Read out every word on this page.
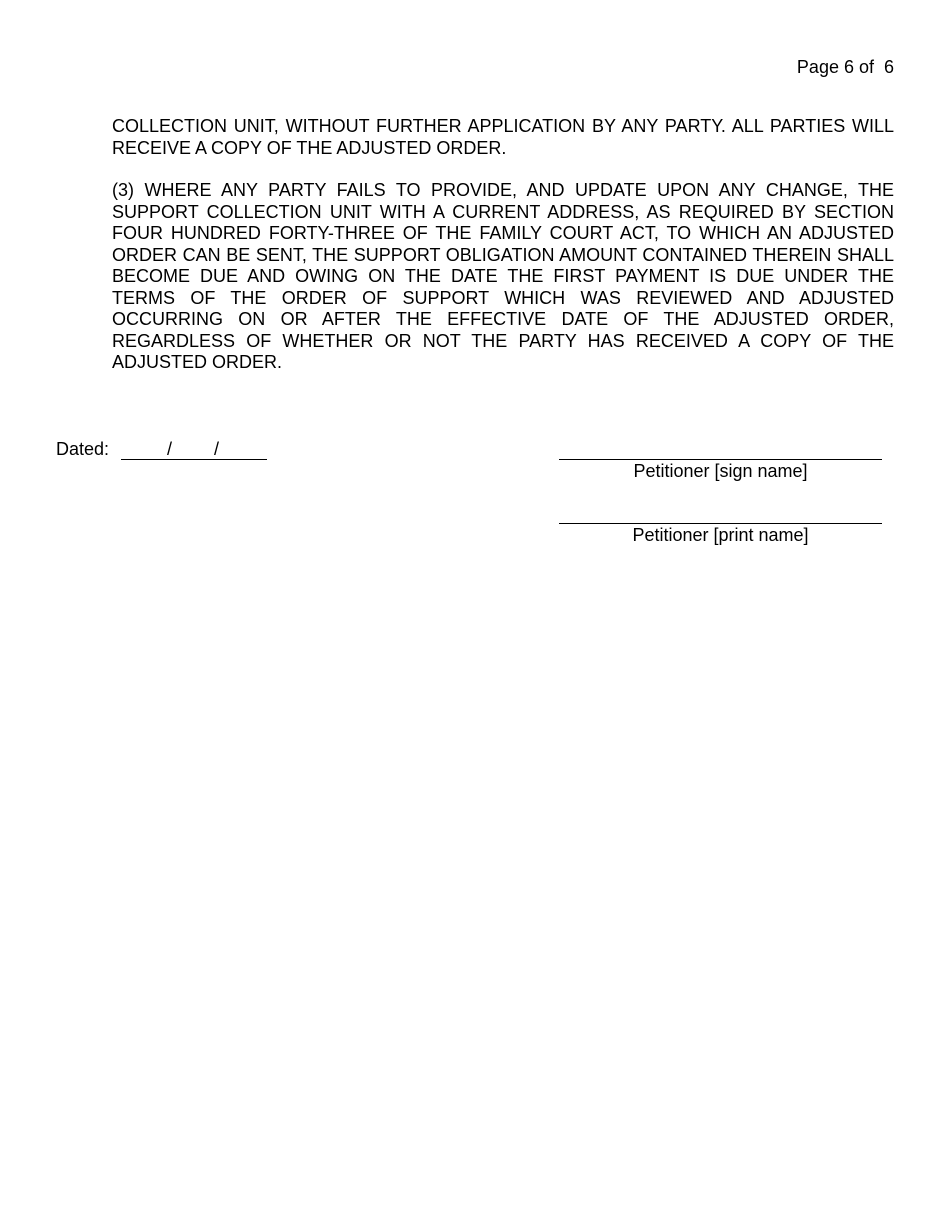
Page 6 of  6

COLLECTION UNIT, WITHOUT FURTHER APPLICATION BY ANY PARTY. ALL PARTIES WILL RECEIVE A COPY OF THE ADJUSTED ORDER.

(3) WHERE ANY PARTY FAILS TO PROVIDE, AND UPDATE UPON ANY CHANGE, THE SUPPORT COLLECTION UNIT WITH A CURRENT ADDRESS, AS REQUIRED BY SECTION FOUR HUNDRED FORTY-THREE OF THE FAMILY COURT ACT, TO WHICH AN ADJUSTED ORDER CAN BE SENT, THE SUPPORT OBLIGATION AMOUNT CONTAINED THEREIN SHALL BECOME DUE AND OWING ON THE DATE THE FIRST PAYMENT IS DUE UNDER THE TERMS OF THE ORDER OF SUPPORT WHICH WAS REVIEWED AND ADJUSTED OCCURRING ON OR AFTER THE EFFECTIVE DATE OF THE ADJUSTED ORDER, REGARDLESS OF WHETHER OR NOT THE PARTY HAS RECEIVED A COPY OF THE ADJUSTED ORDER.

Dated:	/ /
Petitioner [sign name]
Petitioner [print name]
